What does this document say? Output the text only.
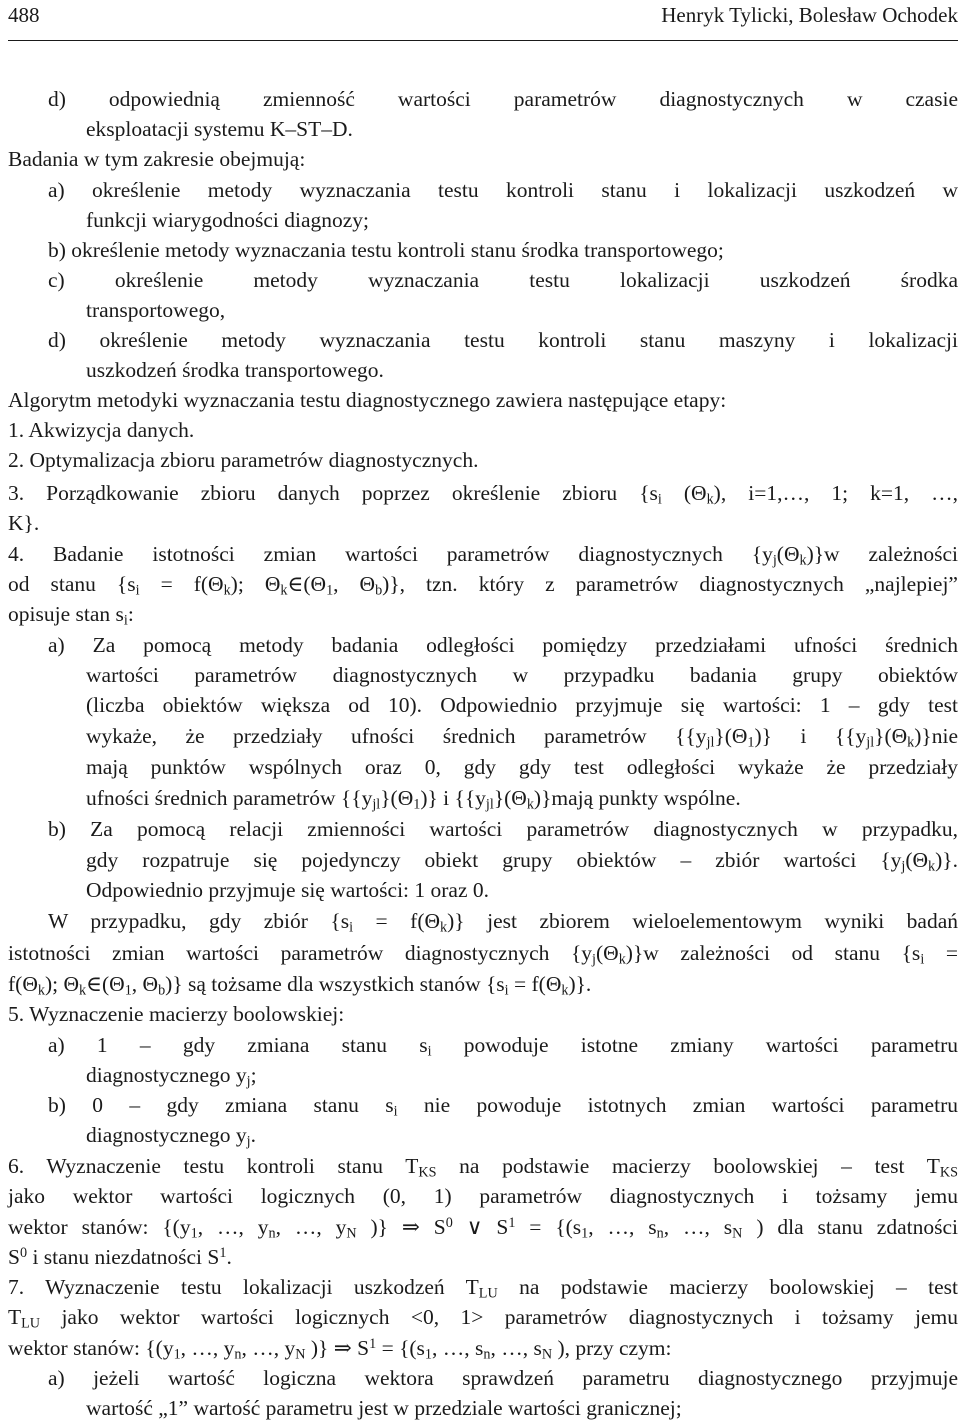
488	Henryk Tylicki, Bolesław Ochodek
d) odpowiednią zmienność wartości parametrów diagnostycznych w czasie
eksploatacji systemu K–ST–D.
Badania w tym zakresie obejmują:
a) określenie metody wyznaczania testu kontroli stanu i lokalizacji uszkodzeń w
funkcji wiarygodności diagnozy;
b) określenie metody wyznaczania testu kontroli stanu środka transportowego;
c) określenie metody wyznaczania testu lokalizacji uszkodzeń środka
transportowego,
d) określenie metody wyznaczania testu kontroli stanu maszyny i lokalizacji
uszkodzeń środka transportowego.
Algorytm metodyki wyznaczania testu diagnostycznego zawiera następujące etapy:
1. Akwizycja danych.
2. Optymalizacja zbioru parametrów diagnostycznych.
3. Porządkowanie zbioru danych poprzez określenie zbioru {$s_i$ $(\Theta_k)$, i=1,…, 1; k=1, …,
K}.
4. Badanie istotności zmian wartości parametrów diagnostycznych $\{y_j(\Theta_k)\}w$ zależności
od stanu {$s_i = f(\Theta_k)$; $\Theta_k\in(\Theta_1$, $\Theta_b$)}, tzn. który z parametrów diagnostycznych „najlepiej”
opisuje stan $s_i$:
a) Za pomocą metody badania odległości pomiędzy przedziałami ufności średnich
wartości parametrów diagnostycznych w przypadku badania grupy obiektów
(liczba obiektów większa od 10). Odpowiednio przyjmuje się wartości: 1 – gdy test
wykaże, że przedziały ufności średnich parametrów $\{\{y_{jl}\}(\Theta_1)\}$ i $\{\{y_{jl}\}(\Theta_k)\}nie$
mają punktów wspólnych oraz 0, gdy gdy test odległości wykaże że przedziały
ufności średnich parametrów $\{\{y_{jl}\}(\Theta_1)\}$ i $\{\{y_{jl}\}(\Theta_k)\}mają$ punkty wspólne.
b) Za pomocą relacji zmienności wartości parametrów diagnostycznych w przypadku,
gdy rozpatruje się pojedynczy obiekt grupy obiektów – zbiór wartości $\{y_j(\Theta_k)\}$.
Odpowiednio przyjmuje się wartości: 1 oraz 0.
W przypadku, gdy zbiór $\{s_i = f(\Theta_k)\}$ jest zbiorem wieloelementowym wyniki badań
istotności zmian wartości parametrów diagnostycznych $\{y_j(\Theta_k)\}w$ zależności od stanu {$s_i$ =
$f(\Theta_k)$; $\Theta_k\in(\Theta_1$, $\Theta_b$)} są tożsame dla wszystkich stanów $\{s_i = f(\Theta_k)\}$.
5. Wyznaczenie macierzy boolowskiej:
a) 1 – gdy zmiana stanu $s_i$ powoduje istotne zmiany wartości parametru
diagnostycznego $y_j$;
b) 0 – gdy zmiana stanu $s_i$ nie powoduje istotnych zmian wartości parametru
diagnostycznego $y_j$.
6. Wyznaczenie testu kontroli stanu $T_{KS}$ na podstawie macierzy boolowskiej – test $T_{KS}$
jako wektor wartości logicznych (0, 1) parametrów diagnostycznych i tożsamy jemu
wektor stanów: {($y_1$, …, $y_n$, …, $y_N$ )} ⇒ $S^0$ ∨ $S^1 = \{(s_1$, …, $s_n$, …, $s_N$ ) dla stanu zdatności
$S^0$ i stanu niezdatności $S^1$.
7. Wyznaczenie testu lokalizacji uszkodzeń $T_{LU}$ na podstawie macierzy boolowskiej – test
$T_{LU}$ jako wektor wartości logicznych <0, 1> parametrów diagnostycznych i tożsamy jemu
wektor stanów: {($y_1$, …, $y_n$, …, $y_N$ )} ⇒ $S^1 = \{(s_1$, …, $s_n$, …, $s_N$ ), przy czym:
a) jeżeli wartość logiczna wektora sprawdzeń parametru diagnostycznego przyjmuje
wartość „1” wartość parametru jest w przedziale wartości granicznej;
